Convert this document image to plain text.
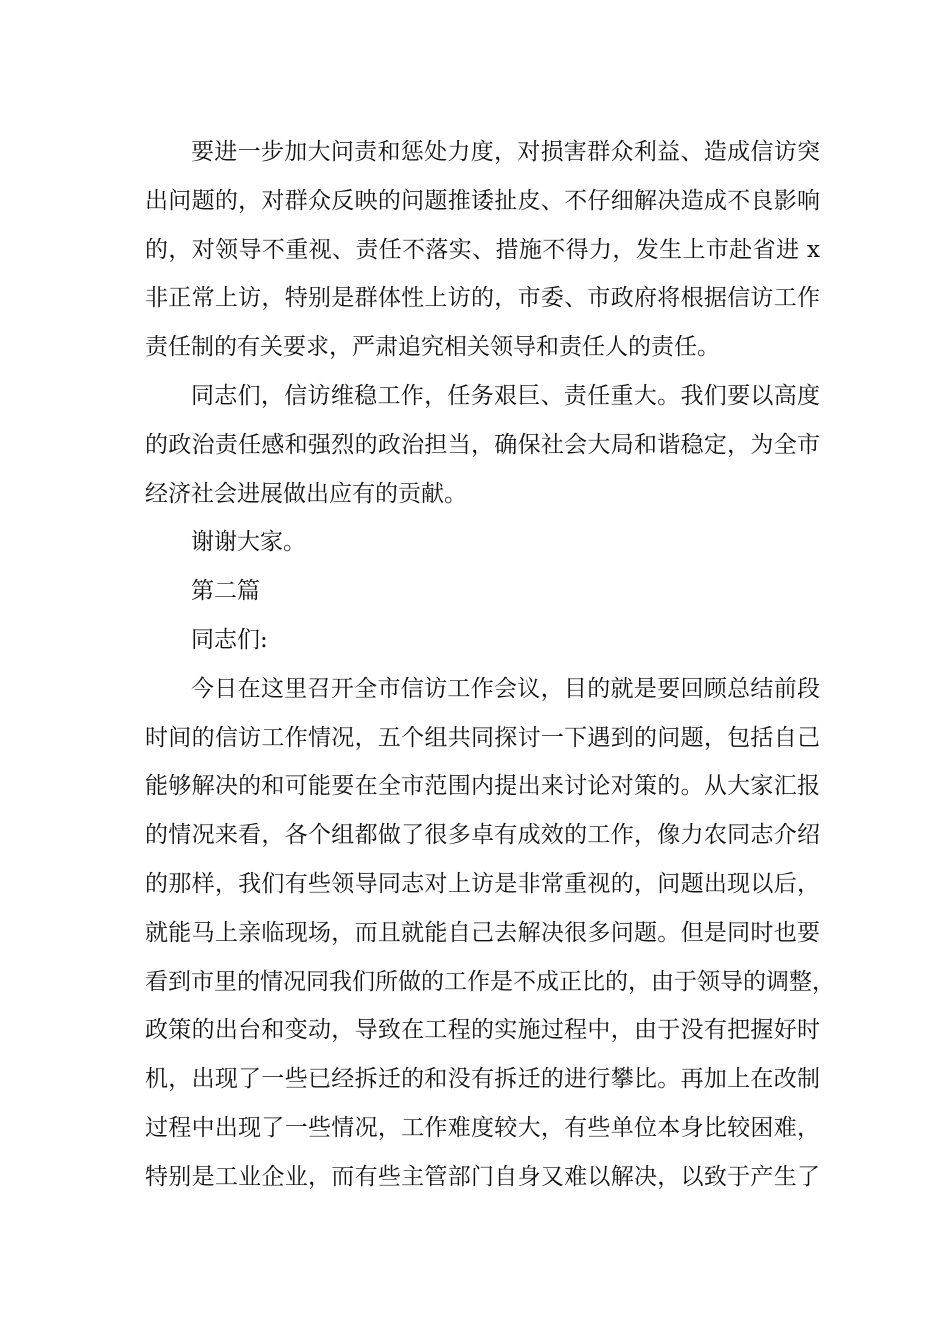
要进一步加大问责和惩处力度，对损害群众利益、造成信访突
出问题的，对群众反映的问题推诿扯皮、不仔细解决造成不良影响
的，对领导不重视、责任不落实、措施不得力，发生上市赴省进 x
非正常上访，特别是群体性上访的，市委、市政府将根据信访工作
责任制的有关要求，严肃追究相关领导和责任人的责任。
同志们，信访维稳工作，任务艰巨、责任重大。我们要以高度
的政治责任感和强烈的政治担当，确保社会大局和谐稳定，为全市
经济社会进展做出应有的贡献。
谢谢大家。
第二篇
同志们:
今日在这里召开全市信访工作会议，目的就是要回顾总结前段
时间的信访工作情况，五个组共同探讨一下遇到的问题，包括自己
能够解决的和可能要在全市范围内提出来讨论对策的。从大家汇报
的情况来看，各个组都做了很多卓有成效的工作，像力农同志介绍
的那样，我们有些领导同志对上访是非常重视的，问题出现以后，
就能马上亲临现场，而且就能自己去解决很多问题。但是同时也要
看到市里的情况同我们所做的工作是不成正比的，由于领导的调整，
政策的出台和变动，导致在工程的实施过程中，由于没有把握好时
机，出现了一些已经拆迁的和没有拆迁的进行攀比。再加上在改制
过程中出现了一些情况，工作难度较大，有些单位本身比较困难，
特别是工业企业，而有些主管部门自身又难以解决，以致于产生了
